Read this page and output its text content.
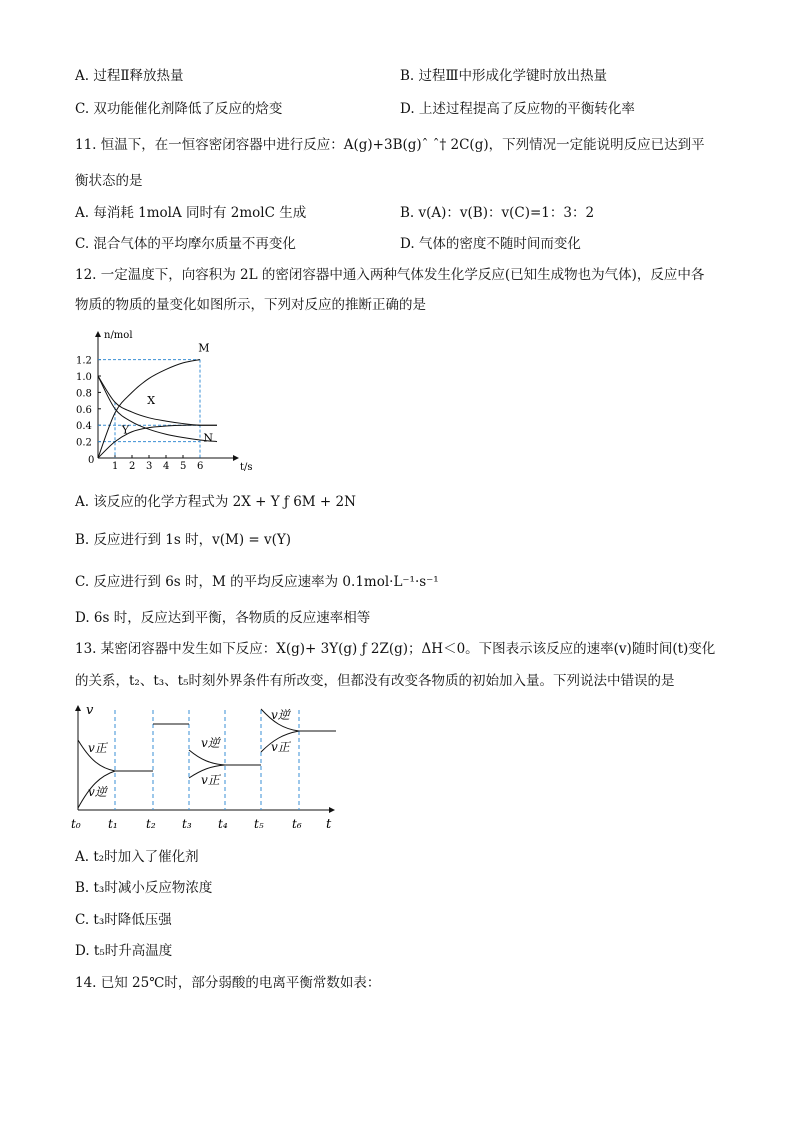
A. 过程Ⅱ释放热量	B. 过程Ⅲ中形成化学键时放出热量
C. 双功能催化剂降低了反应的焓变	D. 上述过程提高了反应物的平衡转化率
11. 恒温下，在一恒容密闭容器中进行反应：A(g)+3B(g)ˆ ˆ† 2C(g)，下列情况一定能说明反应已达到平
衡状态的是
A. 每消耗 1molA 同时有 2molC 生成	B. v(A)：v(B)：v(C)=1：3：2
C. 混合气体的平均摩尔质量不再变化	D. 气体的密度不随时间而变化
12. 一定温度下，向容积为 2L 的密闭容器中通入两种气体发生化学反应(已知生成物也为气体)，反应中各
物质的物质的量变化如图所示，下列对反应的推断正确的是
n/mol
t/s
1 2 3 4 5 6
0
0.2
0.4
0.6
0.8
1.0
1.2
M
X
Y
N
A. 该反应的化学方程式为 2X + Y ƒ 6M + 2N
B. 反应进行到 1s 时，v(M) = v(Y)
C. 反应进行到 6s 时，M 的平均反应速率为 0.1mol·L⁻¹·s⁻¹
D. 6s 时，反应达到平衡，各物质的反应速率相等
13. 某密闭容器中发生如下反应：X(g)+ 3Y(g) ƒ 2Z(g)；ΔH＜0。下图表示该反应的速率(v)随时间(t)变化
的关系，t₂、t₃、t₅时刻外界条件有所改变，但都没有改变各物质的初始加入量。下列说法中错误的是
v
t
v正
v逆
v逆
v正
v逆
v正
t₀ t₁ t₂ t₃ t₄ t₅ t₆
A. t₂时加入了催化剂
B. t₃时减小反应物浓度
C. t₃时降低压强
D. t₅时升高温度
14. 已知 25℃时，部分弱酸的电离平衡常数如表：
